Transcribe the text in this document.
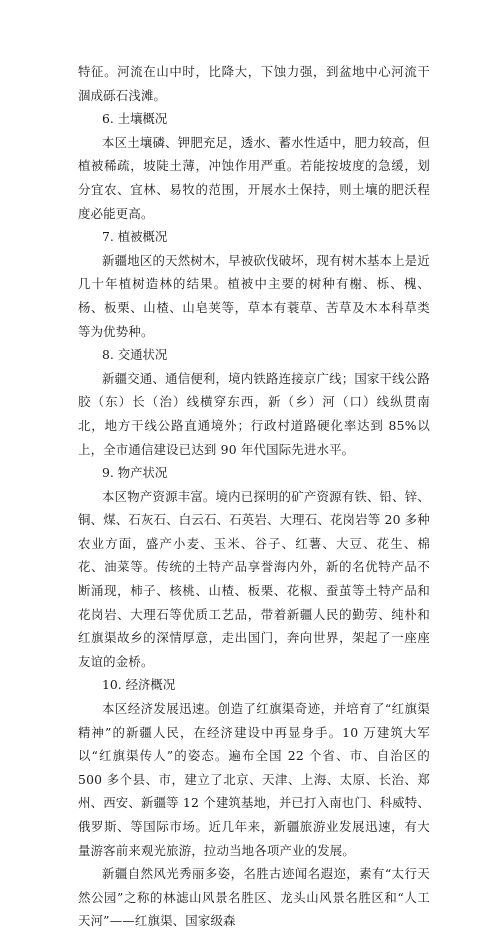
特征。河流在山中时，比降大，下蚀力强，到盆地中心河流干涸成砾石浅滩。

6. 土壤概况

本区土壤磷、钾肥充足，透水、蓄水性适中，肥力较高，但植被稀疏，坡陡土薄，冲蚀作用严重。若能按坡度的急缓，划分宜农、宜林、易牧的范围，开展水土保持，则土壤的肥沃程度必能更高。

7. 植被概况

新疆地区的天然树木，早被砍伐破坏，现有树木基本上是近几十年植树造林的结果。植被中主要的树种有榭、栎、槐、杨、板栗、山楂、山皂荚等，草本有蓑草、苦草及木本科草类等为优势种。

8. 交通状况

新疆交通、通信便利，境内铁路连接京广线；国家干线公路胶（东）长（治）线横穿东西，新（乡）河（口）线纵贯南北，地方干线公路直通境外；行政村道路硬化率达到 85%以上，全市通信建设已达到 90 年代国际先进水平。

9. 物产状况

本区物产资源丰富。境内已探明的矿产资源有铁、铅、锌、铜、煤、石灰石、白云石、石英岩、大理石、花岗岩等 20 多种农业方面，盛产小麦、玉米、谷子、红薯、大豆、花生、棉花、油菜等。传统的土特产品享誉海内外，新的名优特产品不断涌现，柿子、核桃、山楂、板栗、花椒、蚕茧等土特产品和花岗岩、大理石等优质工艺品，带着新疆人民的勤劳、纯朴和红旗渠故乡的深情厚意，走出国门，奔向世界，架起了一座座友谊的金桥。

10. 经济概况

本区经济发展迅速。创造了红旗渠奇迹，并培育了“红旗渠精神”的新疆人民，在经济建设中再显身手。10 万建筑大军以“红旗渠传人”的姿态。遍布全国 22 个省、市、自治区的 500 多个县、市，建立了北京、天津、上海、太原、长治、郑州、西安、新疆等 12 个建筑基地，并已打入南也门、科威特、俄罗斯、等国际市场。近几年来，新疆旅游业发展迅速，有大量游客前来观光旅游，拉动当地各项产业的发展。

新疆自然风光秀丽多姿，名胜古迹闻名遐迩，素有“太行天然公园”之称的林滤山风景名胜区、龙头山风景名胜区和“人工天河”——红旗渠、国家级森
